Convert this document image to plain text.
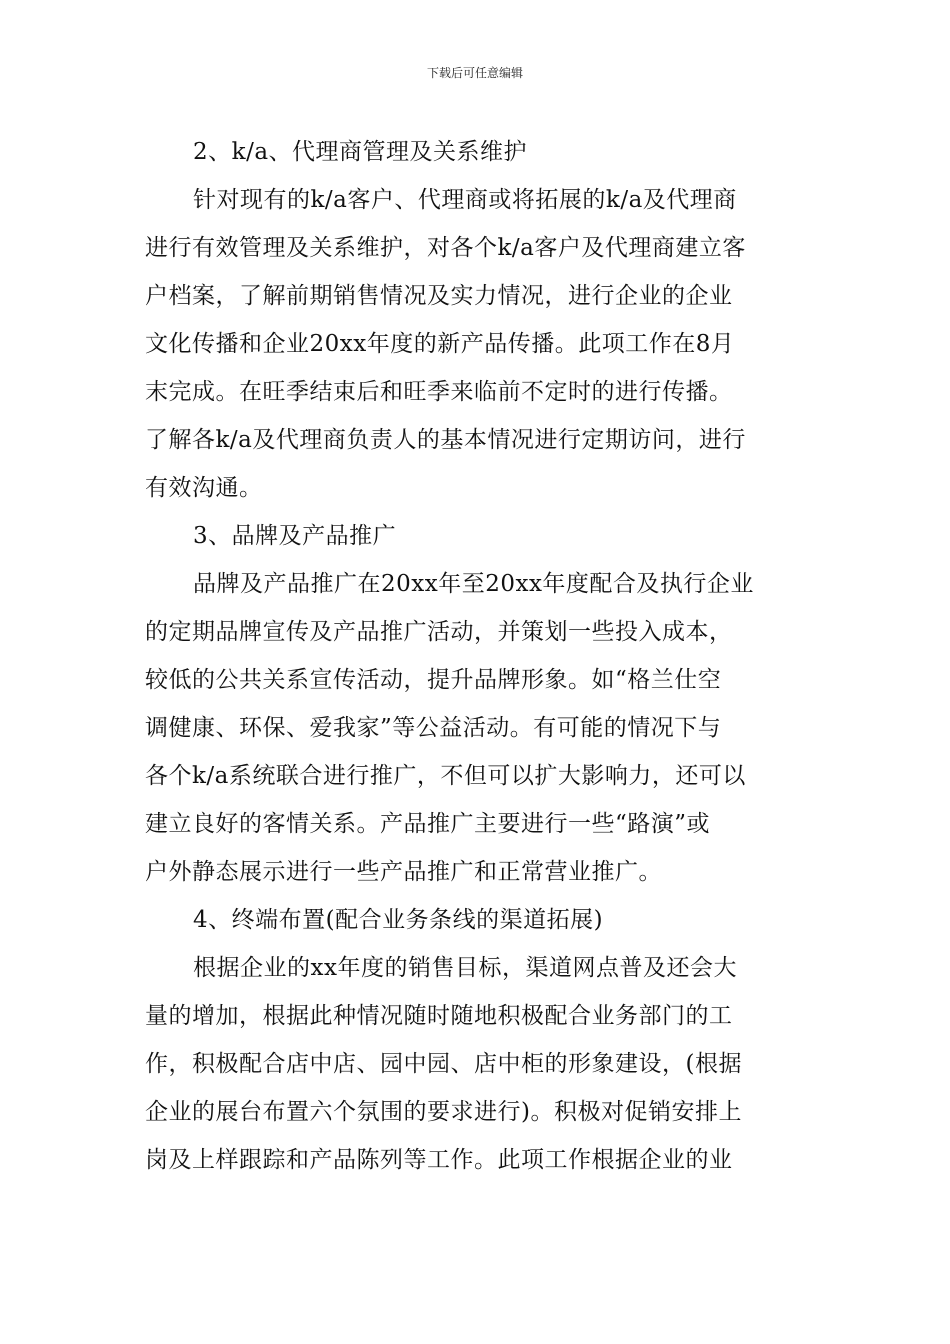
下载后可任意编辑
2、k/a、代理商管理及关系维护
针对现有的k/a客户、代理商或将拓展的k/a及代理商
进行有效管理及关系维护，对各个k/a客户及代理商建立客
户档案，了解前期销售情况及实力情况，进行企业的企业
文化传播和企业20xx年度的新产品传播。此项工作在8月
末完成。在旺季结束后和旺季来临前不定时的进行传播。
了解各k/a及代理商负责人的基本情况进行定期访问，进行
有效沟通。
3、品牌及产品推广
品牌及产品推广在20xx年至20xx年度配合及执行企业
的定期品牌宣传及产品推广活动，并策划一些投入成本，
较低的公共关系宣传活动，提升品牌形象。如“格兰仕空
调健康、环保、爱我家”等公益活动。有可能的情况下与
各个k/a系统联合进行推广，不但可以扩大影响力，还可以
建立良好的客情关系。产品推广主要进行一些“路演”或
户外静态展示进行一些产品推广和正常营业推广。
4、终端布置(配合业务条线的渠道拓展)
根据企业的xx年度的销售目标，渠道网点普及还会大
量的增加，根据此种情况随时随地积极配合业务部门的工
作，积极配合店中店、园中园、店中柜的形象建设，(根据
企业的展台布置六个氛围的要求进行)。积极对促销安排上
岗及上样跟踪和产品陈列等工作。此项工作根据企业的业
